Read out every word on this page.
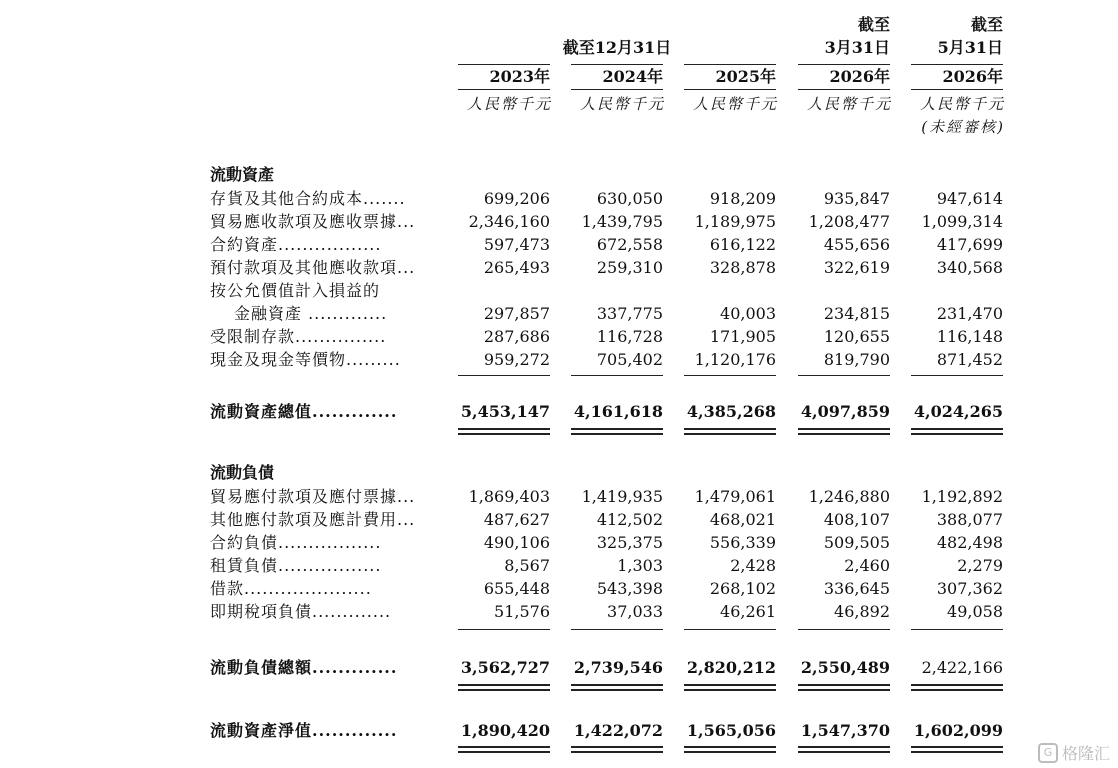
截至12月31日
截至
3月31日
截至
5月31日
2023年	2024年	2025年	2026年	2026年
人民幣千元	人民幣千元	人民幣千元	人民幣千元	人民幣千元
(未經審核)
流動資產
存貨及其他合約成本.......	699,206	630,050	918,209	935,847	947,614
貿易應收款項及應收票據...	2,346,160	1,439,795	1,189,975	1,208,477	1,099,314
合約資產.................	597,473	672,558	616,122	455,656	417,699
預付款項及其他應收款項...	265,493	259,310	328,878	322,619	340,568
按公允價值計入損益的
金融資產 .............	297,857	337,775	40,003	234,815	231,470
受限制存款...............	287,686	116,728	171,905	120,655	116,148
現金及現金等價物.........	959,272	705,402	1,120,176	819,790	871,452
流動資產總值.............	5,453,147 4,161,618 4,385,268 4,097,859 4,024,265
流動負債
貿易應付款項及應付票據...	1,869,403	1,419,935	1,479,061	1,246,880	1,192,892
其他應付款項及應計費用...	487,627	412,502	468,021	408,107	388,077
合約負債.................	490,106	325,375	556,339	509,505	482,498
租賃負債.................	8,567	1,303	2,428	2,460	2,279
借款.....................	655,448	543,398	268,102	336,645	307,362
即期稅項負債.............	51,576	37,033	46,261	46,892	49,058
流動負債總額.............	3,562,727 2,739,546 2,820,212 2,550,489	2,422,166
流動資產淨值.............	1,890,420 1,422,072 1,565,056 1,547,370 1,602,099
G 格隆汇
